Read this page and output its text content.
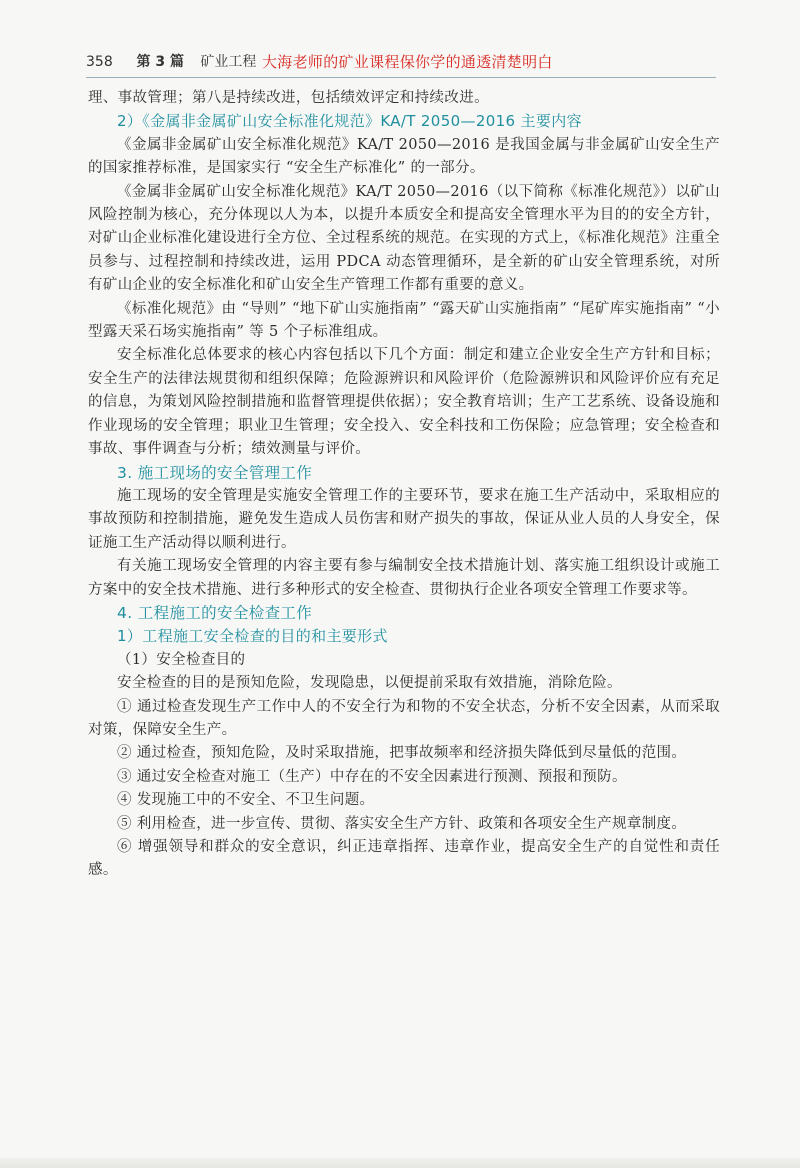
358 第 3 篇 矿业工程 大海老师的矿业课程保你学的通透清楚明白

理、事故管理；第八是持续改进，包括绩效评定和持续改进。

2）《金属非金属矿山安全标准化规范》KA/T 2050—2016 主要内容

《金属非金属矿山安全标准化规范》KA/T 2050—2016 是我国金属与非金属矿山安全生产的国家推荐标准，是国家实行 “安全生产标准化” 的一部分。

《金属非金属矿山安全标准化规范》KA/T 2050—2016（以下简称《标准化规范》）以矿山风险控制为核心，充分体现以人为本，以提升本质安全和提高安全管理水平为目的的安全方针，对矿山企业标准化建设进行全方位、全过程系统的规范。在实现的方式上，《标准化规范》注重全员参与、过程控制和持续改进，运用 PDCA 动态管理循环，是全新的矿山安全管理系统，对所有矿山企业的安全标准化和矿山安全生产管理工作都有重要的意义。

《标准化规范》由 “导则” “地下矿山实施指南” “露天矿山实施指南” “尾矿库实施指南” “小型露天采石场实施指南” 等 5 个子标准组成。

安全标准化总体要求的核心内容包括以下几个方面：制定和建立企业安全生产方针和目标；安全生产的法律法规贯彻和组织保障；危险源辨识和风险评价（危险源辨识和风险评价应有充足的信息，为策划风险控制措施和监督管理提供依据）；安全教育培训；生产工艺系统、设备设施和作业现场的安全管理；职业卫生管理；安全投入、安全科技和工伤保险；应急管理；安全检查和事故、事件调查与分析；绩效测量与评价。

3. 施工现场的安全管理工作

施工现场的安全管理是实施安全管理工作的主要环节，要求在施工生产活动中，采取相应的事故预防和控制措施，避免发生造成人员伤害和财产损失的事故，保证从业人员的人身安全，保证施工生产活动得以顺利进行。

有关施工现场安全管理的内容主要有参与编制安全技术措施计划、落实施工组织设计或施工方案中的安全技术措施、进行多种形式的安全检查、贯彻执行企业各项安全管理工作要求等。

4. 工程施工的安全检查工作

1）工程施工安全检查的目的和主要形式

（1）安全检查目的

安全检查的目的是预知危险，发现隐患，以便提前采取有效措施，消除危险。

① 通过检查发现生产工作中人的不安全行为和物的不安全状态，分析不安全因素，从而采取对策，保障安全生产。

② 通过检查，预知危险，及时采取措施，把事故频率和经济损失降低到尽量低的范围。

③ 通过安全检查对施工（生产）中存在的不安全因素进行预测、预报和预防。

④ 发现施工中的不安全、不卫生问题。

⑤ 利用检查，进一步宣传、贯彻、落实安全生产方针、政策和各项安全生产规章制度。

⑥ 增强领导和群众的安全意识，纠正违章指挥、违章作业，提高安全生产的自觉性和责任感。
